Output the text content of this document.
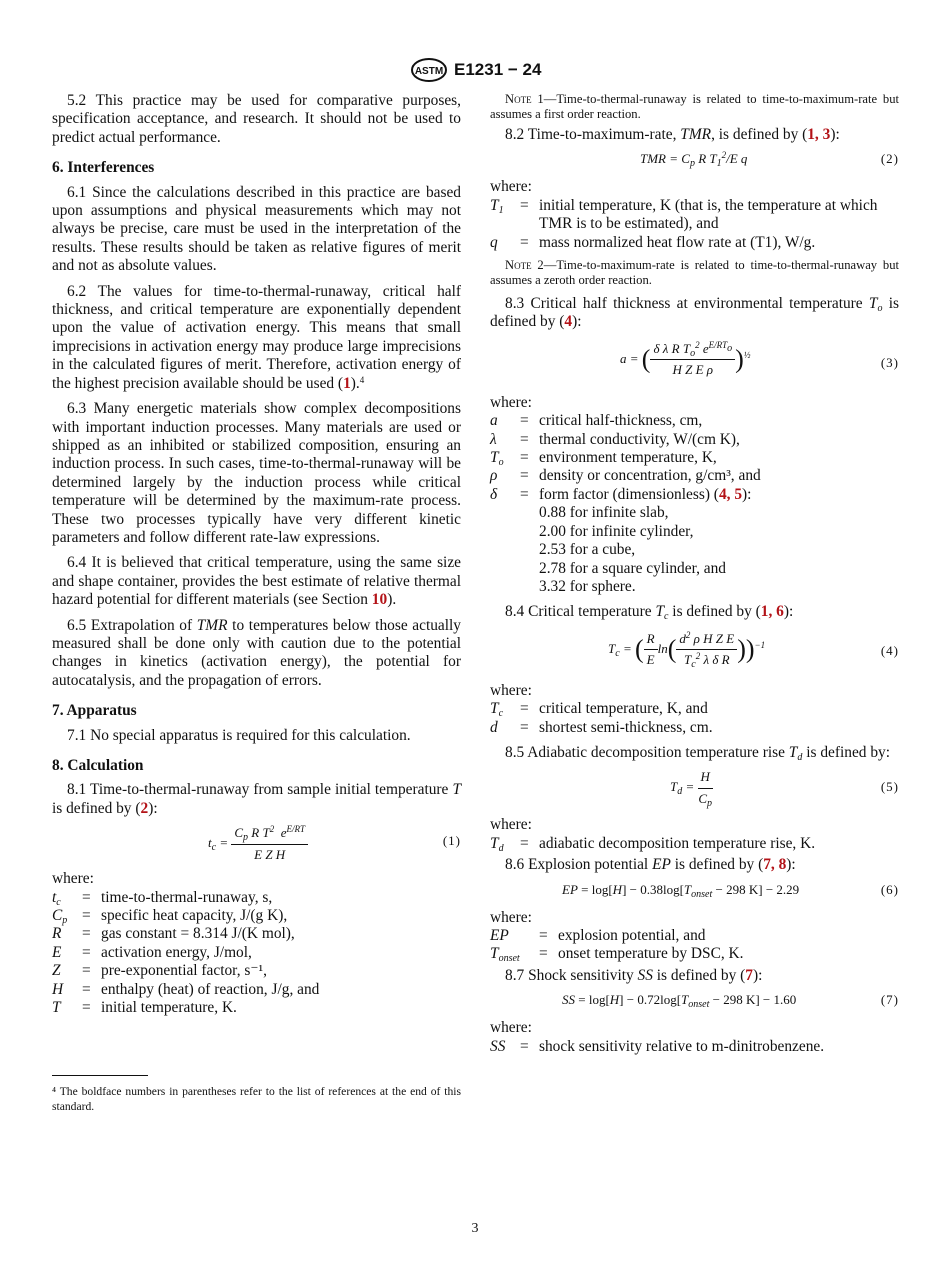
ASTM E1231 − 24

5.2 This practice may be used for comparative purposes, specification acceptance, and research. It should not be used to predict actual performance.

6. Interferences

6.1 Since the calculations described in this practice are based upon assumptions and physical measurements which may not always be precise, care must be used in the interpretation of the results. These results should be taken as relative figures of merit and not as absolute values.

6.2 The values for time-to-thermal-runaway, critical half thickness, and critical temperature are exponentially dependent upon the value of activation energy. This means that small imprecisions in activation energy may produce large imprecisions in the calculated figures of merit. Therefore, activation energy of the highest precision available should be used (1).$^4$

6.3 Many energetic materials show complex decompositions with important induction processes. Many materials are used or shipped as an inhibited or stabilized composition, ensuring an induction process. In such cases, time-to-thermal-runaway will be determined largely by the induction process while critical temperature will be determined by the maximum-rate process. These two processes typically have very different kinetic parameters and follow different rate-law expressions.

6.4 It is believed that critical temperature, using the same size and shape container, provides the best estimate of relative thermal hazard potential for different materials (see Section 10).

6.5 Extrapolation of TMR to temperatures below those actually measured shall be done only with caution due to the potential changes in kinetics (activation energy), the potential for autocatalysis, and the propagation of errors.

7. Apparatus

7.1 No special apparatus is required for this calculation.

8. Calculation

8.1 Time-to-thermal-runaway from sample initial temperature T is defined by (2):

$t_c = \frac{C_p R T^2 e^{E/RT}}{\text{E Z H}}$	(1)

where:

$t_c$	=	time-to-thermal-runaway, s,
$C_p$	=	specific heat capacity, J/(g K),
R	=	gas constant = 8.314 J/(K mol),
E	=	activation energy, J/mol,
Z	=	pre-exponential factor, s⁻¹,
H	=	enthalpy (heat) of reaction, J/g, and
T	=	initial temperature, K.
⁴ The boldface numbers in parentheses refer to the list of references at the end of this standard.

Note 1—Time-to-thermal-runaway is related to time-to-maximum-rate but assumes a first order reaction.

8.2 Time-to-maximum-rate, TMR, is defined by (1, 3):

TMR = $C_p$ R $T_1^2/E$ q	(2)

where:

$T_1$	=	initial temperature, K (that is, the temperature at which TMR is to be estimated), and
q	=	mass normalized heat flow rate at (T1), W/g.

Note 2—Time-to-maximum-rate is related to time-to-thermal-runaway but assumes a zeroth order reaction.

8.3 Critical half thickness at environmental temperature $T_o$ is defined by (4):

a = ( $\frac{\delta \lambda R T_o^2 e^{E/RT_o}}{\text{H Z E ρ}} )^{\frac{1}{2}}$
(3)

where:

a	=	critical half-thickness, cm,
λ	=	thermal conductivity, W/(cm K),
$T_o$	=	environment temperature, K,
ρ	=	density or concentration, g/cm³, and
δ	=	form factor (dimensionless) (4, 5):
0.88 for infinite slab,
2.00 for infinite cylinder,
2.53 for a cube,
2.78 for a square cylinder, and
3.32 for sphere.

8.4 Critical temperature $T_c$ is defined by (1, 6):

$T_c$ = ( $\frac{R}{E} \ln( \frac{d^2 \rho H Z E}{T_c^2 \lambda \delta R} ))^{-1}$	(4)

where:

$T_c$	=	critical temperature, K, and
d	=	shortest semi-thickness, cm.

8.5 Adiabatic decomposition temperature rise $T_d$ is defined by:

$T_d = \frac{H}{C_p}$	(5)

where:

$T_d$	=	adiabatic decomposition temperature rise, K.

8.6 Explosion potential EP is defined by (7, 8):

EP = $\log[H] - 0.38\log[T_{onset} - 298$ K] − 2.29	(6)

where:

EP	=	explosion potential, and
$T_{onset}$	=	onset temperature by DSC, K.

8.7 Shock sensitivity SS is defined by (7):

SS = $\log[H] - 0.72\log[T_{onset} - 298$ K] − 1.60	(7)

where:

SS	=	shock sensitivity relative to m-dinitrobenzene.
3
